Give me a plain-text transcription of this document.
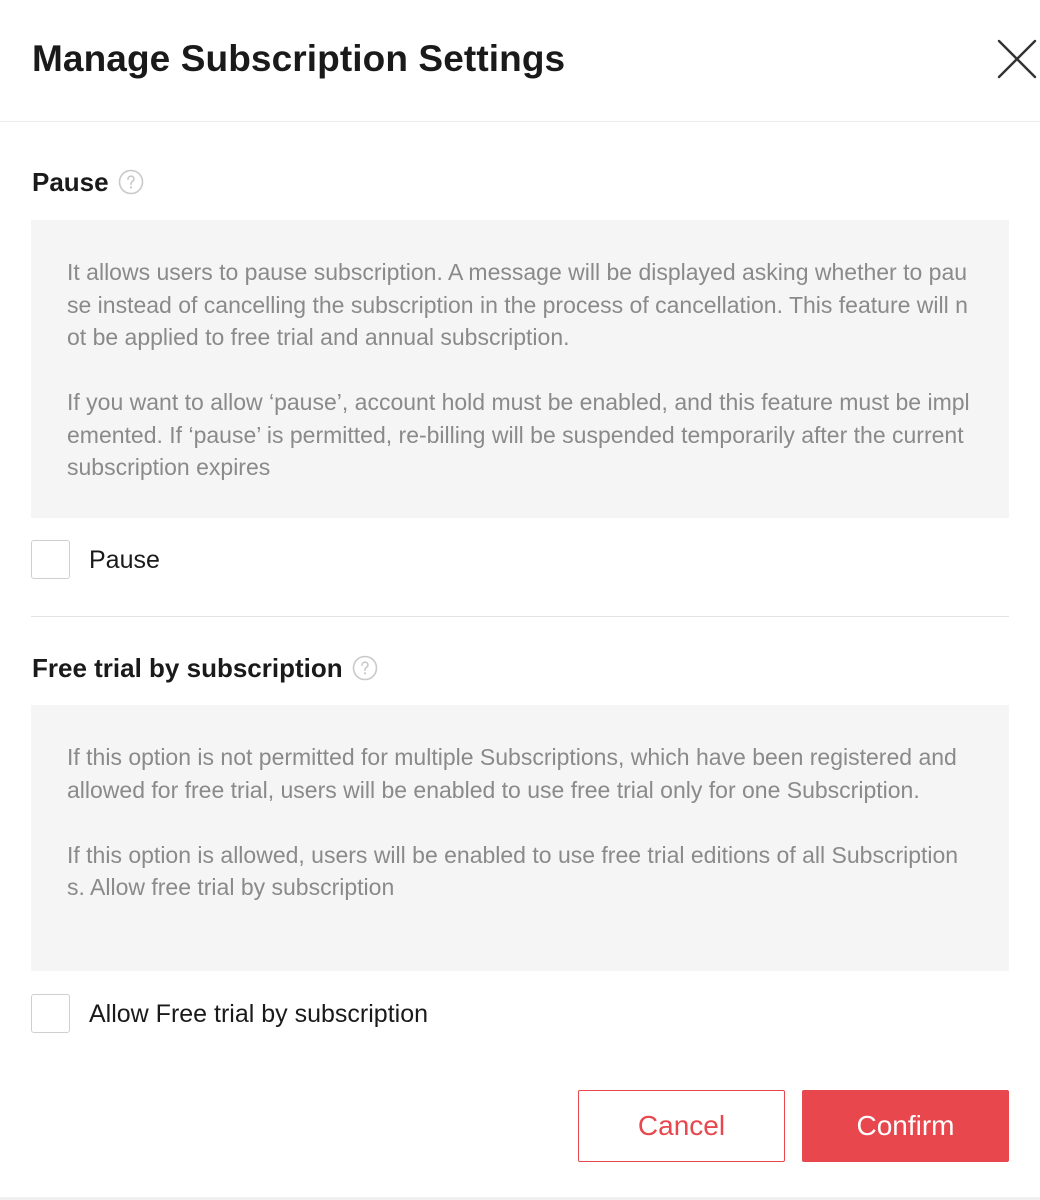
Manage Subscription Settings
Pause

It allows users to pause subscription. A message will be displayed asking whether to pause instead of cancelling the subscription in the process of cancellation. This feature will not be applied to free trial and annual subscription.

If you want to allow ‘pause’, account hold must be enabled, and this feature must be implemented. If ‘pause’ is permitted, re-billing will be suspended temporarily after the current subscription expires

Pause
Free trial by subscription

If this option is not permitted for multiple Subscriptions, which have been registered and allowed for free trial, users will be enabled to use free trial only for one Subscription.

If this option is allowed, users will be enabled to use free trial editions of all Subscriptions. Allow free trial by subscription

Allow Free trial by subscription
Cancel	Confirm
